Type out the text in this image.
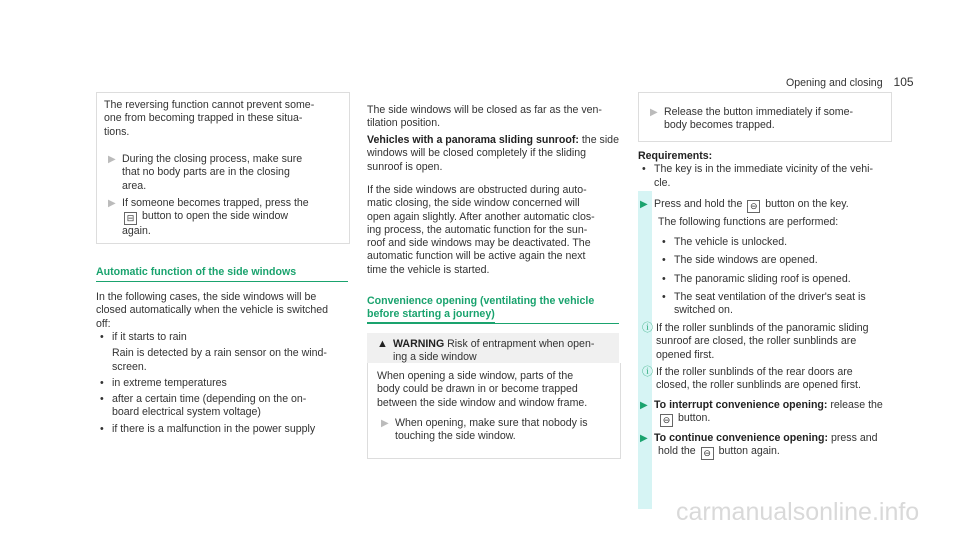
Opening and closing 105
The reversing function cannot prevent some-
one from becoming trapped in these situa-
tions.
▶ During the closing process, make sure
that no body parts are in the closing
area.
▶ If someone becomes trapped, press the
⊟ button to open the side window
again.
Automatic function of the side windows
In the following cases, the side windows will be
closed automatically when the vehicle is switched
off:
• if it starts to rain
Rain is detected by a rain sensor on the wind-
screen.
• in extreme temperatures
• after a certain time (depending on the on-
board electrical system voltage)
• if there is a malfunction in the power supply
The side windows will be closed as far as the ven-
tilation position.
Vehicles with a panorama sliding sunroof: the side
windows will be closed completely if the sliding
sunroof is open.
If the side windows are obstructed during auto-
matic closing, the side window concerned will
open again slightly. After another automatic clos-
ing process, the automatic function for the sun-
roof and side windows may be deactivated. The
automatic function will be active again the next
time the vehicle is started.
Convenience opening (ventilating the vehicle
before starting a journey)
▲ WARNING Risk of entrapment when open-
ing a side window
When opening a side window, parts of the
body could be drawn in or become trapped
between the side window and window frame.
▶ When opening, make sure that nobody is
touching the side window.
▶ Release the button immediately if some-
body becomes trapped.
Requirements:
• The key is in the immediate vicinity of the vehi-
cle.
▶ Press and hold the ⊖ button on the key.
The following functions are performed:
• The vehicle is unlocked.
• The side windows are opened.
• The panoramic sliding roof is opened.
• The seat ventilation of the driver's seat is
switched on.
ⓘ If the roller sunblinds of the panoramic sliding
sunroof are closed, the roller sunblinds are
opened first.
ⓘ If the roller sunblinds of the rear doors are
closed, the roller sunblinds are opened first.
▶ To interrupt convenience opening: release the
⊖ button.
▶ To continue convenience opening: press and
hold the ⊖ button again.
carmanualsonline.info
